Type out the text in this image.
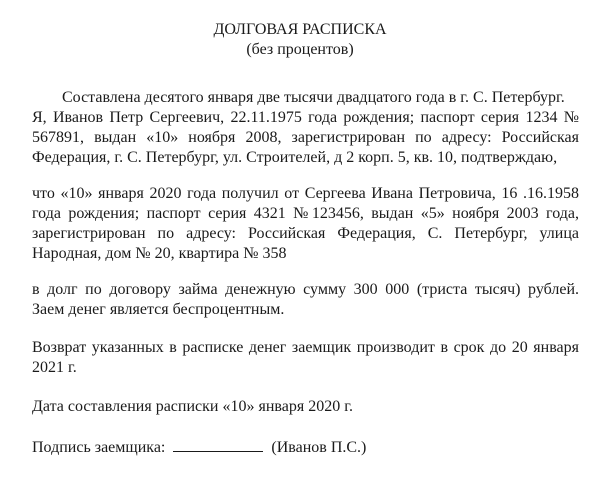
ДОЛГОВАЯ РАСПИСКА
(без процентов)
Составлена десятого января две тысячи двадцатого года в г. С. Петербург.
Я, Иванов Петр Сергеевич, 22.11.1975 года рождения; паспорт серия 1234 №
567891, выдан «10» ноября 2008, зарегистрирован по адресу: Российская
Федерация, г. С. Петербург, ул. Строителей, д 2 корп. 5, кв. 10, подтверждаю,
что «10» января 2020 года получил от Сергеева Ивана Петровича, 16 .16.1958
года рождения; паспорт серия 4321 №123456, выдан «5» ноября 2003 года,
зарегистрирован по адресу: Российская Федерация, С. Петербург, улица
Народная, дом № 20, квартира № 358
в долг по договору займа денежную сумму 300 000 (триста тысяч) рублей.
Заем денег является беспроцентным.
Возврат указанных в расписке денег заемщик производит в срок до 20 января
2021 г.
Дата составления расписки «10» января 2020 г.
Подпись заемщика:	(Иванов П.С.)
